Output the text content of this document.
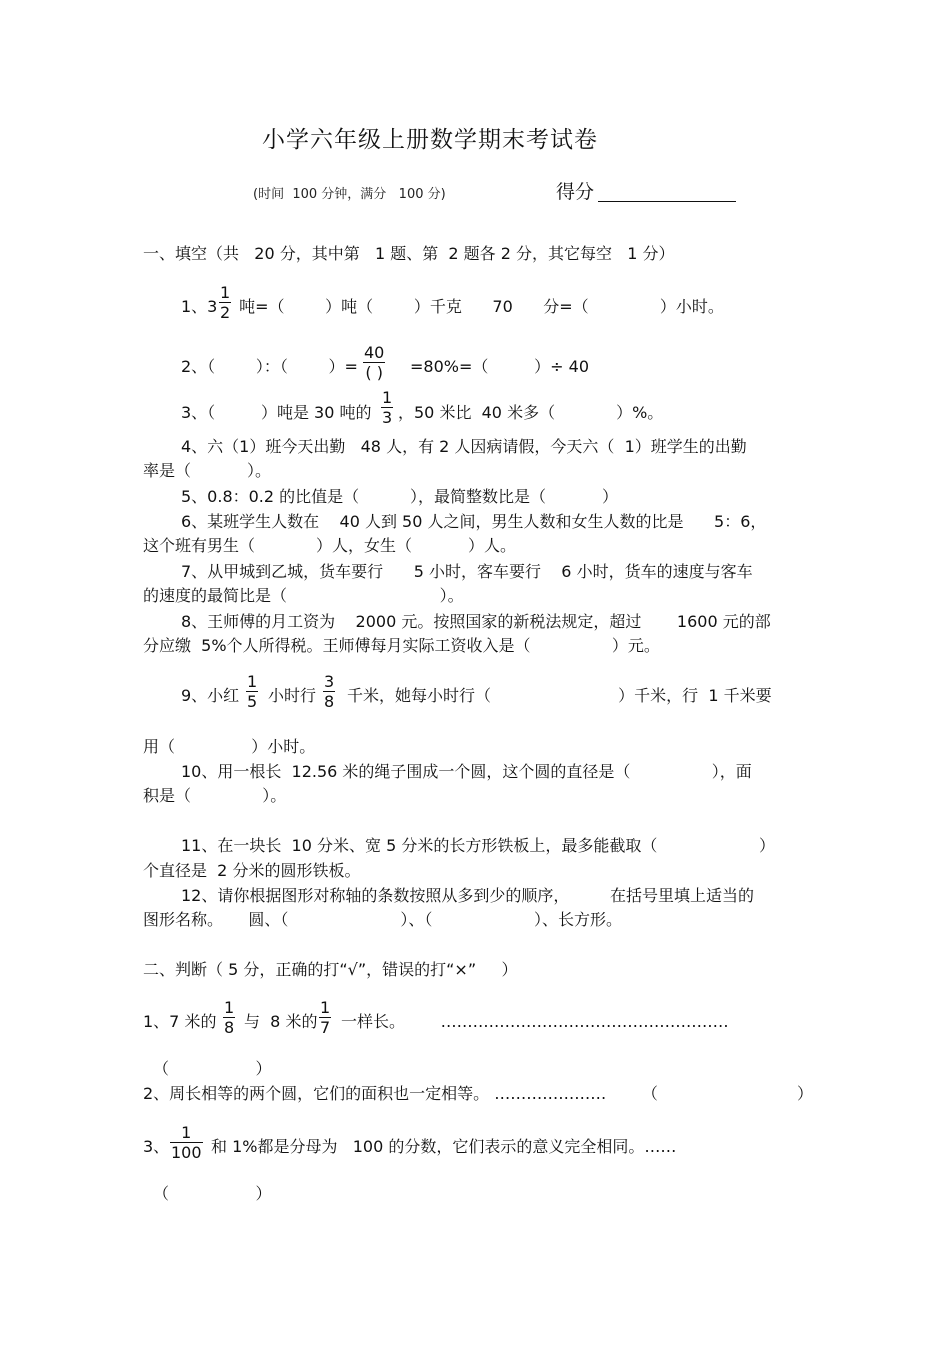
小学六年级上册数学期末考试卷
(时间  100 分钟，满分   100 分)	得分
一、填空（共   20 分，其中第   1 题、第  2 题各 2 分，其它每空   1 分）
1、$3 \frac{1}{2}$ 吨=（        ）吨（        ）千克      70      分=（              ）小时。
2、（        ）：（        ）=
40
( ) =80%=（         ）÷ 40
3、（         ）吨是 30 吨的 $\frac{1}{3}$ ，50 米比  40 米多（            ）%。
4、六（1）班今天出勤   48 人，有 2 人因病请假，今天六（  1）班学生的出勤
率是（           ）。
5、0.8：0.2 的比值是（          ），最简整数比是（           ）
6、某班学生人数在    40 人到 50 人之间，男生人数和女生人数的比是      5：6，
这个班有男生（            ）人，女生（           ）人。
7、从甲城到乙城，货车要行      5 小时，客车要行    6 小时，货车的速度与客车
的速度的最简比是（                              ）。
8、王师傅的月工资为    2000 元。按照国家的新税法规定，超过       1600 元的部
分应缴  5%个人所得税。王师傅每月实际工资收入是（                ）元。
9、小红 $\frac{1}{5}$ 小时行 $\frac{3}{8}$ 千米，她每小时行（                         ）千米，行  1 千米要
用（               ）小时。
10、用一根长  12.56 米的绳子围成一个圆，这个圆的直径是（                ），面
积是（              ）。
11、在一块长  10 分米、宽 5 分米的长方形铁板上，最多能截取（                    ）
个直径是  2 分米的圆形铁板。
12、请你根据图形对称轴的条数按照从多到少的顺序，        在括号里填上适当的
图形名称。     圆、（                      ）、（                    ）、长方形。
二、判断（ 5 分，正确的打“√”，错误的打“×”     ）
1、7 米的 $\frac{1}{8}$ 与  8 米的 $\frac{1}{7}$ 一样长。       ………………………………………………
（                 ）
2、周长相等的两个圆，它们的面积也一定相等。 …………………       （	）
3、 $\frac{1}{100}$ 和 1%都是分母为   100 的分数，它们表示的意义完全相同。……
（                 ）
